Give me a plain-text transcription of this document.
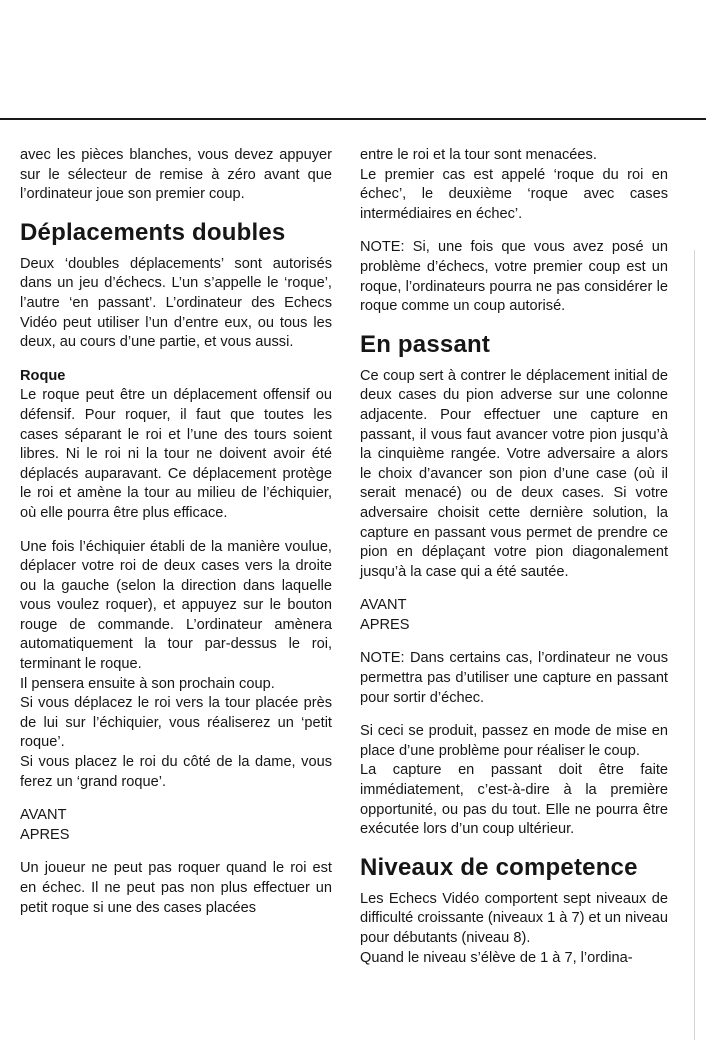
avec les pièces blanches, vous devez appuyer sur le sélecteur de remise à zéro avant que l’ordinateur joue son premier coup.

Déplacements doubles

Deux ‘doubles déplacements’ sont autorisés dans un jeu d’échecs. L’un s’appelle le ‘roque’, l’autre ‘en passant’. L’ordinateur des Echecs Vidéo peut utiliser l’un d’entre eux, ou tous les deux, au cours d’une partie, et vous aussi.

Roque

Le roque peut être un déplacement offensif ou défensif. Pour roquer, il faut que toutes les cases séparant le roi et l’une des tours soient libres. Ni le roi ni la tour ne doivent avoir été déplacés auparavant. Ce déplacement protège le roi et amène la tour au milieu de l’échiquier, où elle pourra être plus efficace.

Une fois l’échiquier établi de la manière voulue, déplacer votre roi de deux cases vers la droite ou la gauche (selon la direction dans laquelle vous voulez roquer), et appuyez sur le bouton rouge de commande. L’ordinateur amènera automatiquement la tour par-dessus le roi, terminant le roque.

Il pensera ensuite à son prochain coup.

Si vous déplacez le roi vers la tour placée près de lui sur l’échiquier, vous réaliserez un ‘petit roque’.

Si vous placez le roi du côté de la dame, vous ferez un ‘grand roque’.

AVANT

APRES

Un joueur ne peut pas roquer quand le roi est en échec. Il ne peut pas non plus effectuer un petit roque si une des cases placées

entre le roi et la tour sont menacées.

Le premier cas est appelé ‘roque du roi en échec’, le deuxième ‘roque avec cases intermédiaires en échec’.

NOTE: Si, une fois que vous avez posé un problème d’échecs, votre premier coup est un roque, l’ordinateurs pourra ne pas considérer le roque comme un coup autorisé.

En passant

Ce coup sert à contrer le déplacement initial de deux cases du pion adverse sur une colonne adjacente. Pour effectuer une capture en passant, il vous faut avancer votre pion jusqu’à la cinquième rangée. Votre adversaire a alors le choix d’avancer son pion d’une case (où il serait menacé) ou de deux cases. Si votre adversaire choisit cette dernière solution, la capture en passant vous permet de prendre ce pion en déplaçant votre pion diagonalement jusqu’à la case qui a été sautée.

AVANT

APRES

NOTE: Dans certains cas, l’ordinateur ne vous permettra pas d’utiliser une capture en passant pour sortir d’échec.

Si ceci se produit, passez en mode de mise en place d’une problème pour réaliser le coup.

La capture en passant doit être faite immédiatement, c’est-à-dire à la première opportunité, ou pas du tout. Elle ne pourra être exécutée lors d’un coup ultérieur.

Niveaux de competence

Les Echecs Vidéo comportent sept niveaux de difficulté croissante (niveaux 1 à 7) et un niveau pour débutants (niveau 8).

Quand le niveau s’élève de 1 à 7, l’ordina-
